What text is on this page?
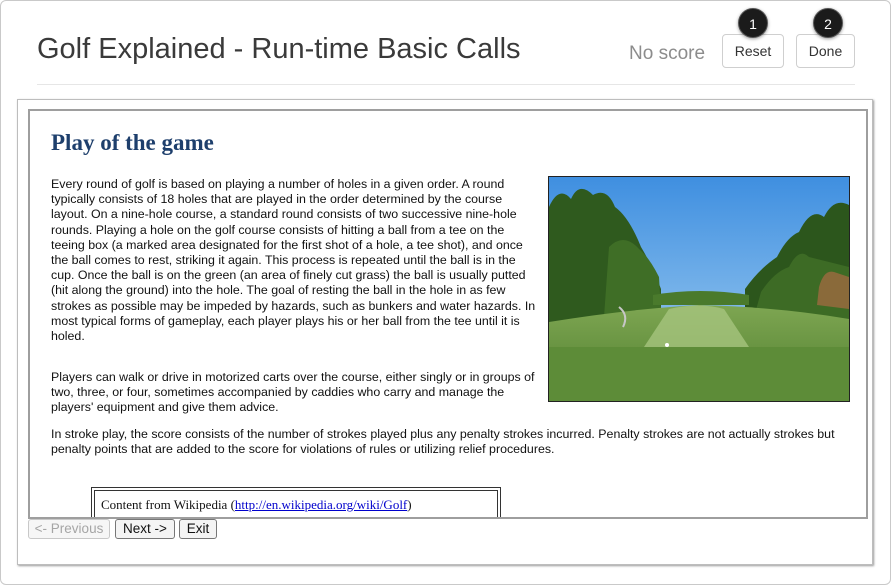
Golf Explained - Run-time Basic Calls	No score	Reset	Done
1	2
Play of the game

Every round of golf is based on playing a number of holes in a given order. A round typically consists of 18 holes that are played in the order determined by the course layout. On a nine-hole course, a standard round consists of two successive nine-hole rounds. Playing a hole on the golf course consists of hitting a ball from a tee on the teeing box (a marked area designated for the first shot of a hole, a tee shot), and once the ball comes to rest, striking it again. This process is repeated until the ball is in the cup. Once the ball is on the green (an area of finely cut grass) the ball is usually putted (hit along the ground) into the hole. The goal of resting the ball in the hole in as few strokes as possible may be impeded by hazards, such as bunkers and water hazards. In most typical forms of gameplay, each player plays his or her ball from the tee until it is holed.

Players can walk or drive in motorized carts over the course, either singly or in groups of two, three, or four, sometimes accompanied by caddies who carry and manage the players' equipment and give them advice.

In stroke play, the score consists of the number of strokes played plus any penalty strokes incurred. Penalty strokes are not actually strokes but penalty points that are added to the score for violations of rules or utilizing relief procedures.

Content from Wikipedia (http://en.wikipedia.org/wiki/Golf)
<- Previous	Next ->	Exit
